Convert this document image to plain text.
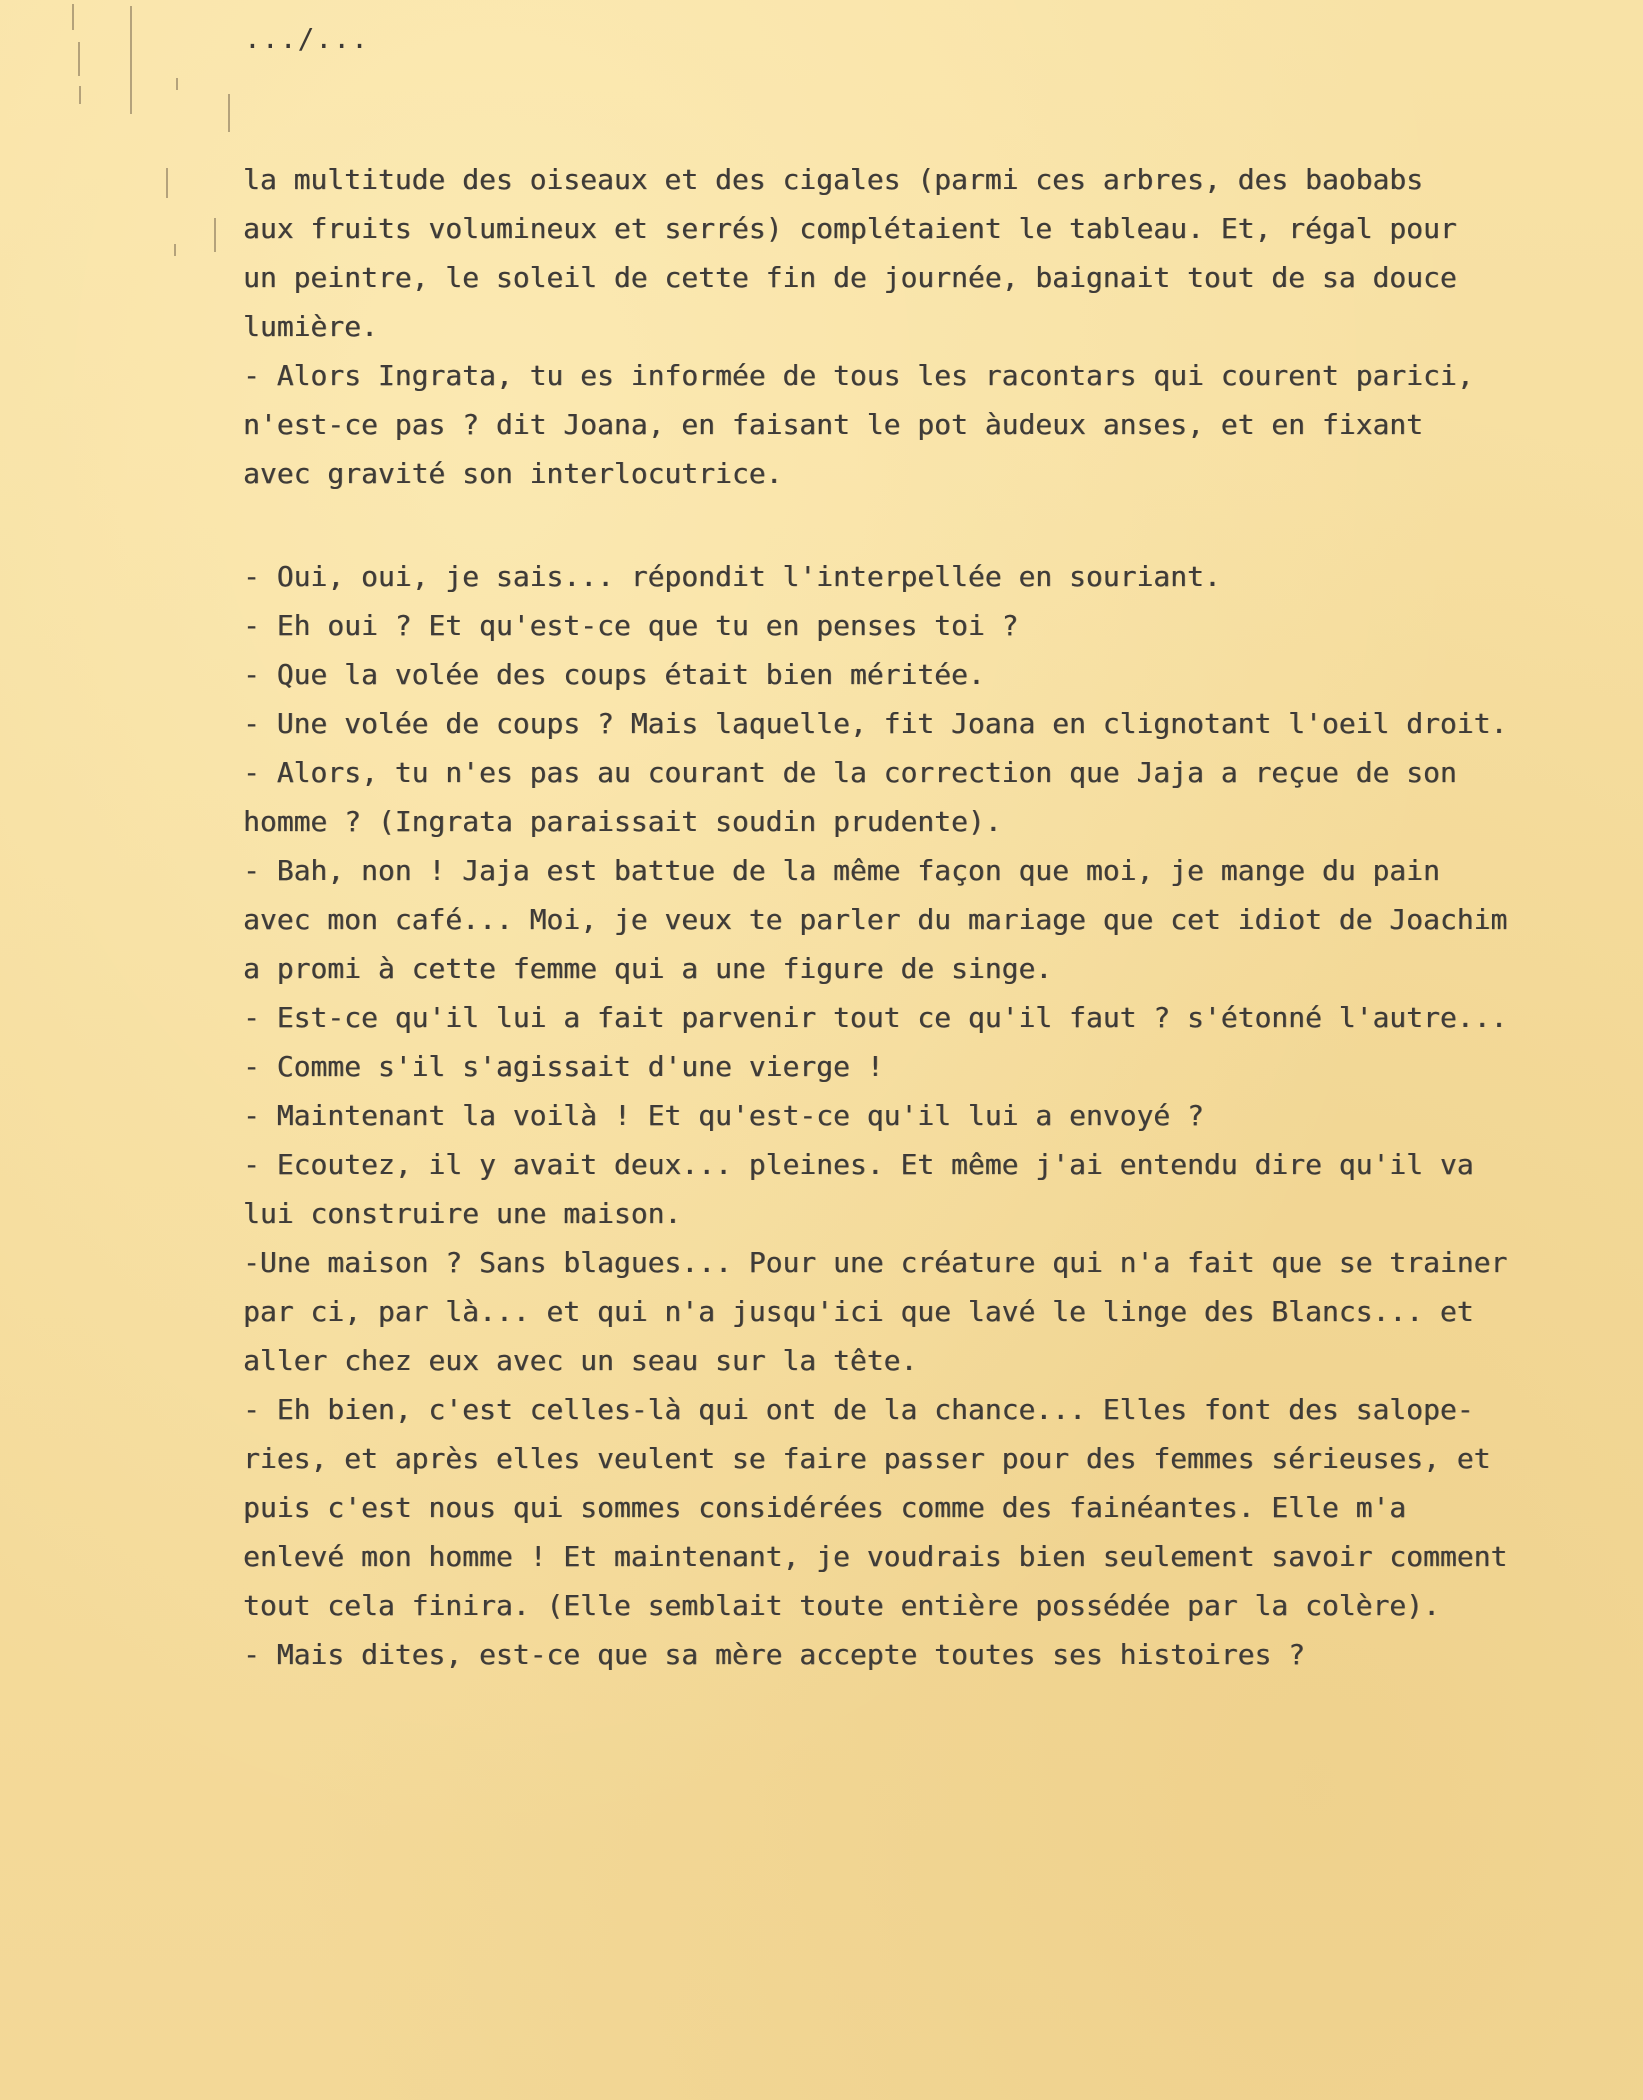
.../...
la multitude des oiseaux et des cigales (parmi ces arbres, des baobabs
aux fruits volumineux et serrés) complétaient le tableau. Et, régal pour
un peintre, le soleil de cette fin de journée, baignait tout de sa douce
lumière.
- Alors Ingrata, tu es informée de tous les racontars qui courent parici,
n'est-ce pas ? dit Joana, en faisant le pot àudeux anses, et en fixant
avec gravité son interlocutrice.
- Oui, oui, je sais... répondit l'interpellée en souriant.
- Eh oui ? Et qu'est-ce que tu en penses toi ?
- Que la volée des coups était bien méritée.
- Une volée de coups ? Mais laquelle, fit Joana en clignotant l'oeil droit.
- Alors, tu n'es pas au courant de la correction que Jaja a reçue de son
homme ? (Ingrata paraissait soudin prudente).
- Bah, non ! Jaja est battue de la même façon que moi, je mange du pain
avec mon café... Moi, je veux te parler du mariage que cet idiot de Joachim
a promi à cette femme qui a une figure de singe.
- Est-ce qu'il lui a fait parvenir tout ce qu'il faut ? s'étonné l'autre...
- Comme s'il s'agissait d'une vierge !
- Maintenant la voilà ! Et qu'est-ce qu'il lui a envoyé ?
- Ecoutez, il y avait deux... pleines. Et même j'ai entendu dire qu'il va
lui construire une maison.
-Une maison ? Sans blagues... Pour une créature qui n'a fait que se trainer
par ci, par là... et qui n'a jusqu'ici que lavé le linge des Blancs... et
aller chez eux avec un seau sur la tête.
- Eh bien, c'est celles-là qui ont de la chance... Elles font des salope-
ries, et après elles veulent se faire passer pour des femmes sérieuses, et
puis c'est nous qui sommes considérées comme des fainéantes. Elle m'a
enlevé mon homme ! Et maintenant, je voudrais bien seulement savoir comment
tout cela finira. (Elle semblait toute entière possédée par la colère).
- Mais dites, est-ce que sa mère accepte toutes ses histoires ?
